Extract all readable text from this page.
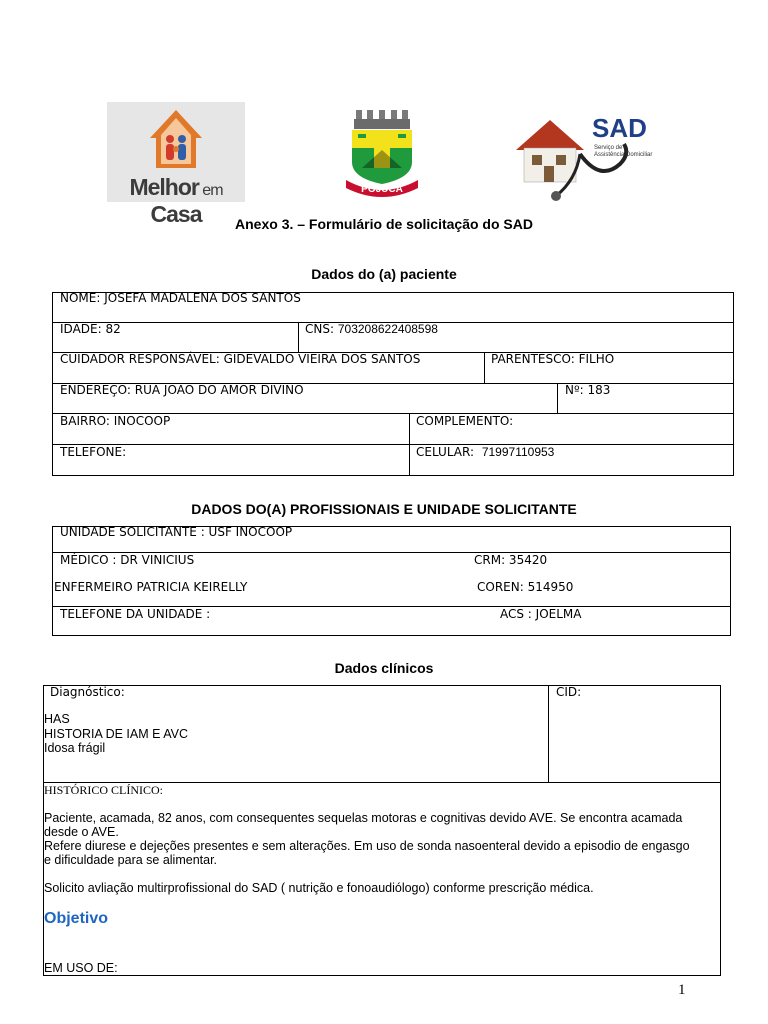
Melhor em Casa
POJUCA
SAD
Serviço de
Assistência Domiciliar
Anexo 3. – Formulário de solicitação do SAD
Dados do (a) paciente
NOME: JOSEFA MADALENA DOS SANTOS
IDADE: 82	CNS: 703208622408598
CUIDADOR RESPONSÁVEL: GIDEVALDO VIEIRA DOS SANTOS	PARENTESCO: FILHO
ENDEREÇO: RUA JOAO DO AMOR DIVINO	Nº: 183
BAIRRO: INOCOOP	COMPLEMENTO:
TELEFONE:	CELULAR: 71997110953
DADOS DO(A) PROFISSIONAIS E UNIDADE SOLICITANTE
UNIDADE SOLICITANTE : USF INOCOOP
MÉDICO : DR VINICIUS	CRM: 35420
ENFERMEIRO PATRICIA KEIRELLY	COREN: 514950
TELEFONE DA UNIDADE :	ACS : JOELMA
Dados clínicos
Diagnóstico:	CID:
HAS
HISTORIA DE IAM E AVC
Idosa frágil
HISTÓRICO CLÍNICO:
Paciente, acamada, 82 anos, com consequentes sequelas motoras e cognitivas devido AVE. Se encontra acamada
desde o AVE.
Refere diurese e dejeções presentes e sem alterações. Em uso de sonda nasoenteral devido a episodio de engasgo
e dificuldade para se alimentar.
Solicito avliação multirprofissional do SAD ( nutrição e fonoaudiólogo) conforme prescrição médica.
Objetivo
EM USO DE:
1
